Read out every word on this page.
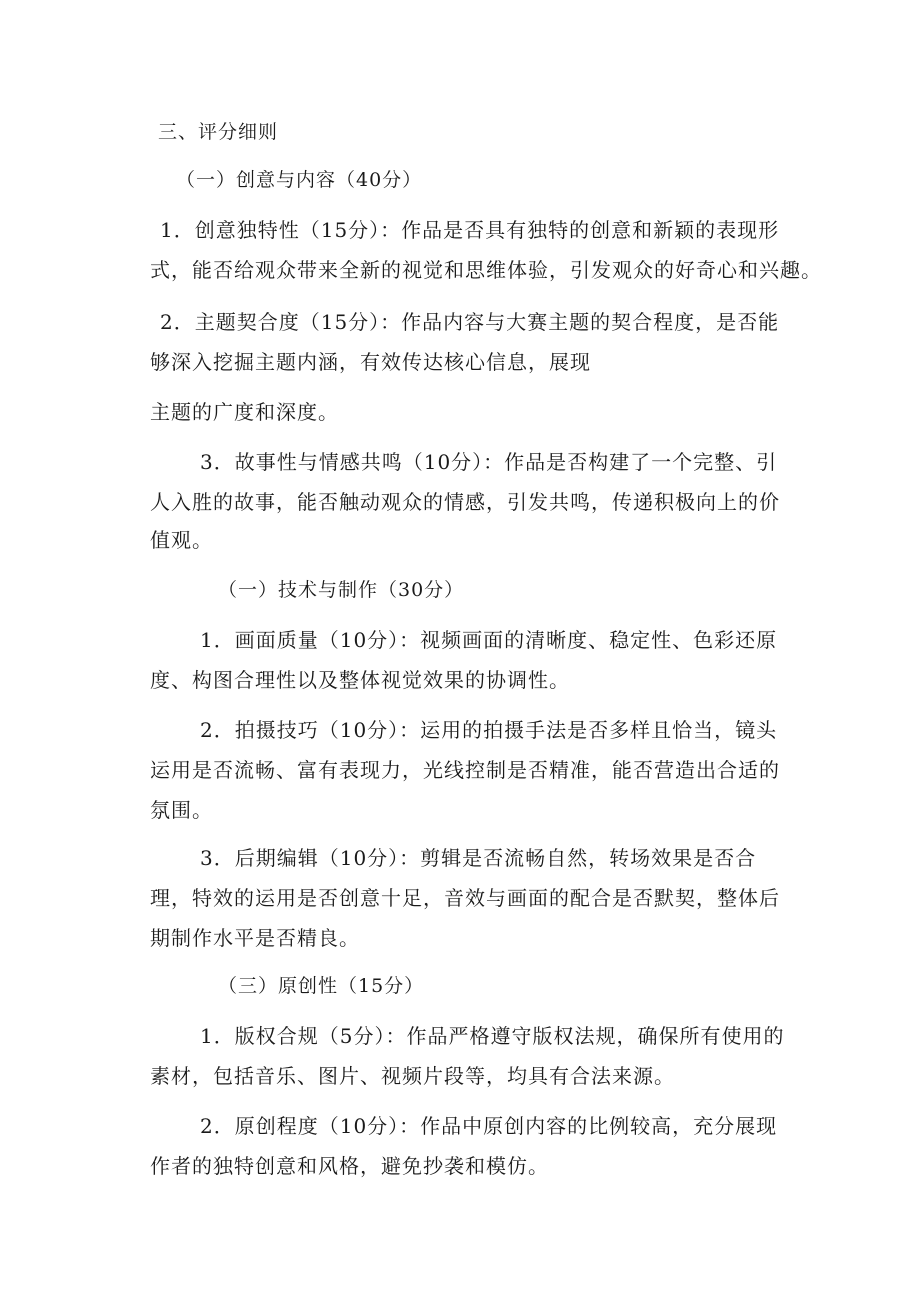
三、评分细则
（一）创意与内容（40分）
1．创意独特性（15分）：作品是否具有独特的创意和新颖的表现形
式，能否给观众带来全新的视觉和思维体验，引发观众的好奇心和兴趣。
2．主题契合度（15分）：作品内容与大赛主题的契合程度，是否能
够深入挖掘主题内涵，有效传达核心信息，展现
主题的广度和深度。
3．故事性与情感共鸣（10分）：作品是否构建了一个完整、引
人入胜的故事，能否触动观众的情感，引发共鸣，传递积极向上的价
值观。
（一）技术与制作（30分）
1．画面质量（10分）：视频画面的清晰度、稳定性、色彩还原
度、构图合理性以及整体视觉效果的协调性。
2．拍摄技巧（10分）：运用的拍摄手法是否多样且恰当，镜头
运用是否流畅、富有表现力，光线控制是否精准，能否营造出合适的
氛围。
3．后期编辑（10分）：剪辑是否流畅自然，转场效果是否合
理，特效的运用是否创意十足，音效与画面的配合是否默契，整体后
期制作水平是否精良。
（三）原创性（15分）
1．版权合规（5分）：作品严格遵守版权法规，确保所有使用的
素材，包括音乐、图片、视频片段等，均具有合法来源。
2．原创程度（10分）：作品中原创内容的比例较高，充分展现
作者的独特创意和风格，避免抄袭和模仿。
